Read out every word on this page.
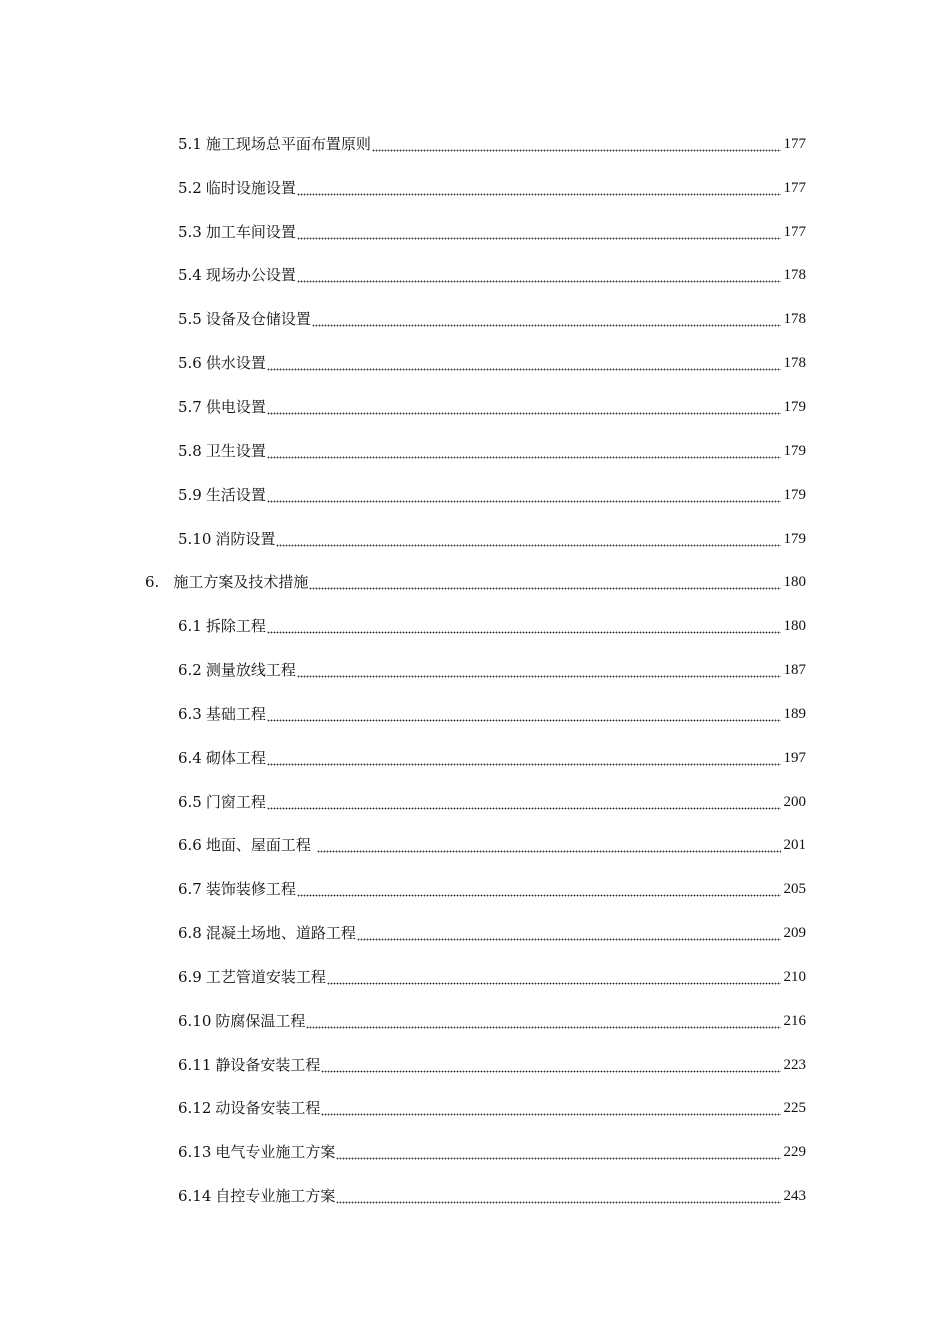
5.1 施工现场总平面布置原则	177
5.2 临时设施设置	177
5.3 加工车间设置	177
5.4 现场办公设置	178
5.5 设备及仓储设置	178
5.6 供水设置	178
5.7 供电设置	179
5.8 卫生设置	179
5.9 生活设置	179
5.10 消防设置	179
6. 施工方案及技术措施	180
6.1 拆除工程	180
6.2 测量放线工程	187
6.3 基础工程	189
6.4 砌体工程	197
6.5 门窗工程	200
6.6 地面、屋面工程	201
6.7 装饰装修工程	205
6.8 混凝土场地、道路工程	209
6.9 工艺管道安装工程	210
6.10 防腐保温工程	216
6.11 静设备安装工程	223
6.12 动设备安装工程	225
6.13 电气专业施工方案	229
6.14 自控专业施工方案	243
